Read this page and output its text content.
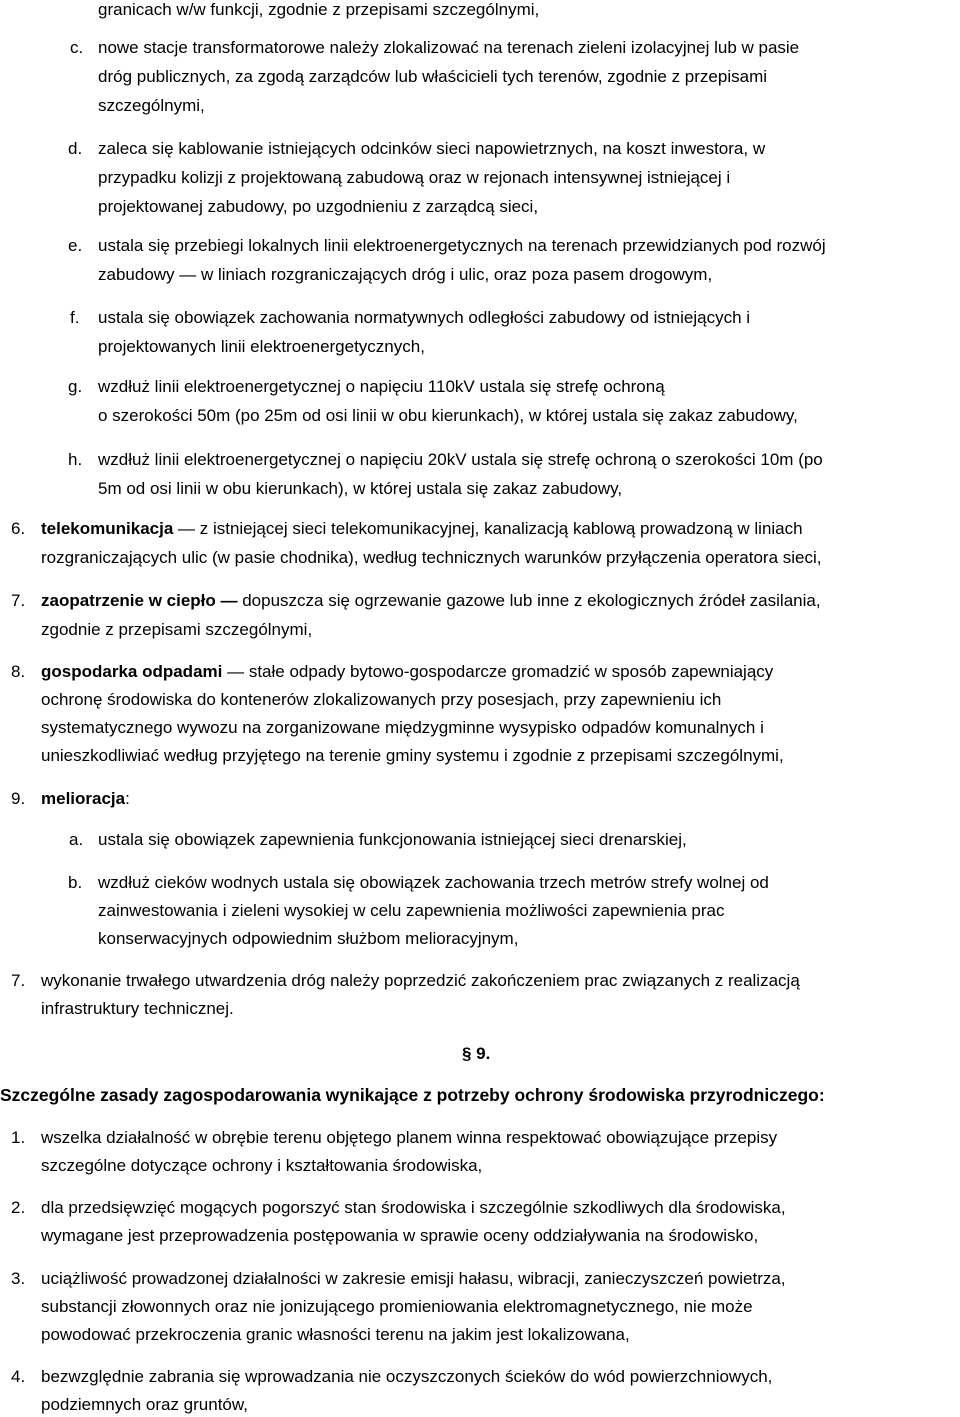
granicach w/w funkcji, zgodnie z przepisami szczególnymi,
c. nowe stacje transformatorowe należy zlokalizować na terenach zieleni izolacyjnej lub w pasie
dróg publicznych, za zgodą zarządców lub właścicieli tych terenów, zgodnie z przepisami
szczególnymi,
d. zaleca się kablowanie istniejących odcinków sieci napowietrznych, na koszt inwestora, w
przypadku kolizji z projektowaną zabudową oraz w rejonach intensywnej istniejącej i
projektowanej zabudowy, po uzgodnieniu z zarządcą sieci,
e. ustala się przebiegi lokalnych linii elektroenergetycznych na terenach przewidzianych pod rozwój
zabudowy — w liniach rozgraniczających dróg i ulic, oraz poza pasem drogowym,
f. ustala się obowiązek zachowania normatywnych odległości zabudowy od istniejących i
projektowanych linii elektroenergetycznych,
g. wzdłuż linii elektroenergetycznej o napięciu 110kV ustala się strefę ochroną
o szerokości 50m (po 25m od osi linii w obu kierunkach), w której ustala się zakaz zabudowy,
h. wzdłuż linii elektroenergetycznej o napięciu 20kV ustala się strefę ochroną o szerokości 10m (po
5m od osi linii w obu kierunkach), w której ustala się zakaz zabudowy,
6. telekomunikacja — z istniejącej sieci telekomunikacyjnej, kanalizacją kablową prowadzoną w liniach
rozgraniczających ulic (w pasie chodnika), według technicznych warunków przyłączenia operatora sieci,
7. zaopatrzenie w ciepło — dopuszcza się ogrzewanie gazowe lub inne z ekologicznych źródeł zasilania,
zgodnie z przepisami szczególnymi,
8. gospodarka odpadami — stałe odpady bytowo-gospodarcze gromadzić w sposób zapewniający
ochronę środowiska do kontenerów zlokalizowanych przy posesjach, przy zapewnieniu ich
systematycznego wywozu na zorganizowane międzygminne wysypisko odpadów komunalnych i
unieszkodliwiać według przyjętego na terenie gminy systemu i zgodnie z przepisami szczególnymi,
9. melioracja:
a. ustala się obowiązek zapewnienia funkcjonowania istniejącej sieci drenarskiej,
b. wzdłuż cieków wodnych ustala się obowiązek zachowania trzech metrów strefy wolnej od
zainwestowania i zieleni wysokiej w celu zapewnienia możliwości zapewnienia prac
konserwacyjnych odpowiednim służbom melioracyjnym,
7. wykonanie trwałego utwardzenia dróg należy poprzedzić zakończeniem prac związanych z realizacją
infrastruktury technicznej.
§ 9.
Szczególne zasady zagospodarowania wynikające z potrzeby ochrony środowiska przyrodniczego:
1. wszelka działalność w obrębie terenu objętego planem winna respektować obowiązujące przepisy
szczególne dotyczące ochrony i kształtowania środowiska,
2. dla przedsięwzięć mogących pogorszyć stan środowiska i szczególnie szkodliwych dla środowiska,
wymagane jest przeprowadzenia postępowania w sprawie oceny oddziaływania na środowisko,
3. uciążliwość prowadzonej działalności w zakresie emisji hałasu, wibracji, zanieczyszczeń powietrza,
substancji złowonnych oraz nie jonizującego promieniowania elektromagnetycznego, nie może
powodować przekroczenia granic własności terenu na jakim jest lokalizowana,
4. bezwzględnie zabrania się wprowadzania nie oczyszczonych ścieków do wód powierzchniowych,
podziemnych oraz gruntów,
